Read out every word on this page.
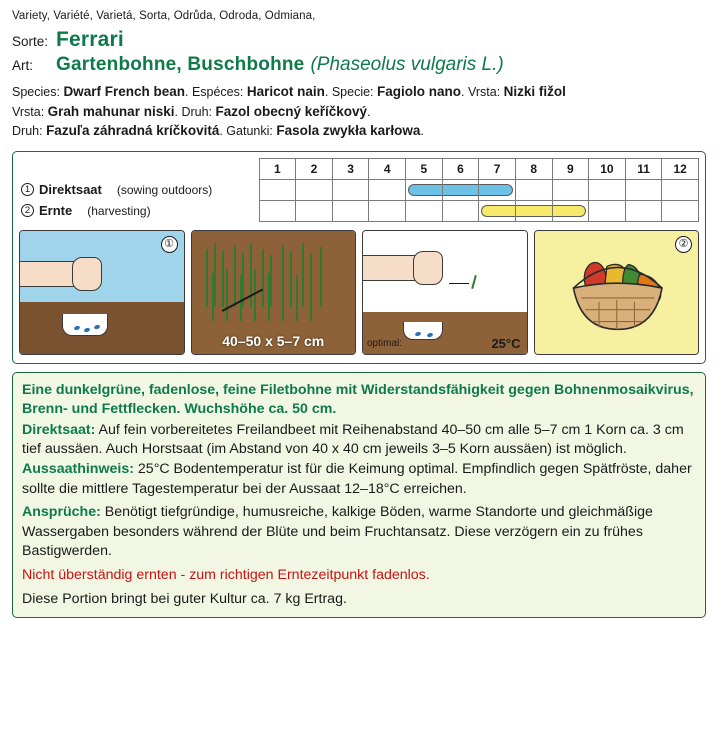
Variety, Variété, Varietá, Sorta, Odrůda, Odroda, Odmiana,
Sorte: Ferrari
Art:	Gartenbohne, Buschbohne (Phaseolus vulgaris L.)
Species: Dwarf French bean. Espéces: Haricot nain. Specie: Fagiolo nano. Vrsta: Nizki fižol
Vrsta: Grah mahunar niski. Druh: Fazol obecný keříčkový.
Druh: Fazuľa záhradná kríčkovitá. Gatunki: Fasola zwykła karłowa.
	1	2	3	4	5	6	7	8	9	10	11	12

1 Direktsaat (sowing outdoors)												

2 Ernte (harvesting)												

①
40–50 x 5–7 cm	optimal:	25°C
②

Eine dunkelgrüne, fadenlose, feine Filetbohne mit Widerstandsfähigkeit gegen Bohnenmosaikvirus, Brenn- und Fettflecken. Wuchshöhe ca. 50 cm.

Direktsaat: Auf fein vorbereitetes Freilandbeet mit Reihenabstand 40–50 cm alle 5–7 cm 1 Korn ca. 3 cm tief aussäen. Auch Horstsaat (im Abstand von 40 x 40 cm jeweils 3–5 Korn aussäen) ist möglich. Aussaathinweis: 25°C Bodentemperatur ist für die Keimung optimal. Empfindlich gegen Spätfröste, daher sollte die mittlere Tagestemperatur bei der Aussaat 12–18°C erreichen.

Ansprüche: Benötigt tiefgründige, humusreiche, kalkige Böden, warme Standorte und gleichmäßige Wassergaben besonders während der Blüte und beim Fruchtansatz. Diese verzögern ein zu frühes Bastigwerden.

Nicht überständig ernten - zum richtigen Erntezeitpunkt fadenlos.

Diese Portion bringt bei guter Kultur ca. 7 kg Ertrag.
